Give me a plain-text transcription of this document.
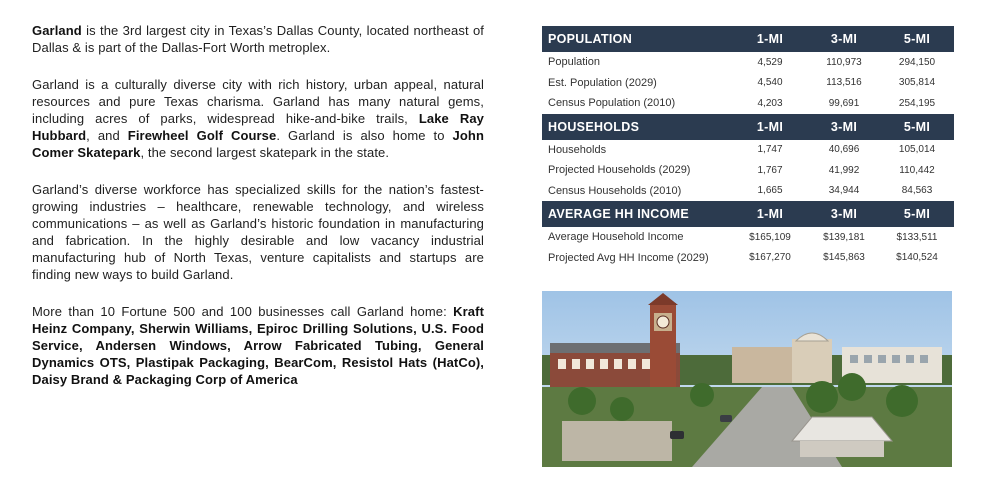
Garland is the 3rd largest city in Texas’s Dallas County, located northeast of Dallas & is part of the Dallas-Fort Worth metroplex.

Garland is a culturally diverse city with rich history, urban appeal, natural resources and pure Texas charisma. Garland has many natural gems, including acres of parks, widespread hike-and-bike trails, Lake Ray Hubbard, and Firewheel Golf Course. Garland is also home to John Comer Skatepark, the second largest skatepark in the state.

Garland’s diverse workforce has specialized skills for the nation’s fastest-growing industries – healthcare, renewable technology, and wireless communications – as well as Garland’s historic foundation in manufacturing and fabrication. In the highly desirable and low vacancy industrial manufacturing hub of North Texas, venture capitalists and startups are finding new ways to build Garland.

More than 10 Fortune 500 and 100 businesses call Garland home: Kraft Heinz Company, Sherwin Williams, Epiroc Drilling Solutions, U.S. Food Service, Andersen Windows, Arrow Fabricated Tubing, General Dynamics OTS, Plastipak Packaging, BearCom, Resistol Hats (HatCo), Daisy Brand & Packaging Corp of America

POPULATION	1-MI	3-MI	5-MI
Population	4,529	110,973	294,150
Est. Population (2029)	4,540	113,516	305,814
Census Population (2010)	4,203	99,691	254,195
HOUSEHOLDS	1-MI	3-MI	5-MI
Households	1,747	40,696	105,014
Projected Households (2029)	1,767	41,992	110,442
Census Households (2010)	1,665	34,944	84,563
AVERAGE HH INCOME	1-MI	3-MI	5-MI
Average Household Income	$165,109	$139,181	$133,511
Projected Avg HH Income (2029)	$167,270	$145,863	$140,524
